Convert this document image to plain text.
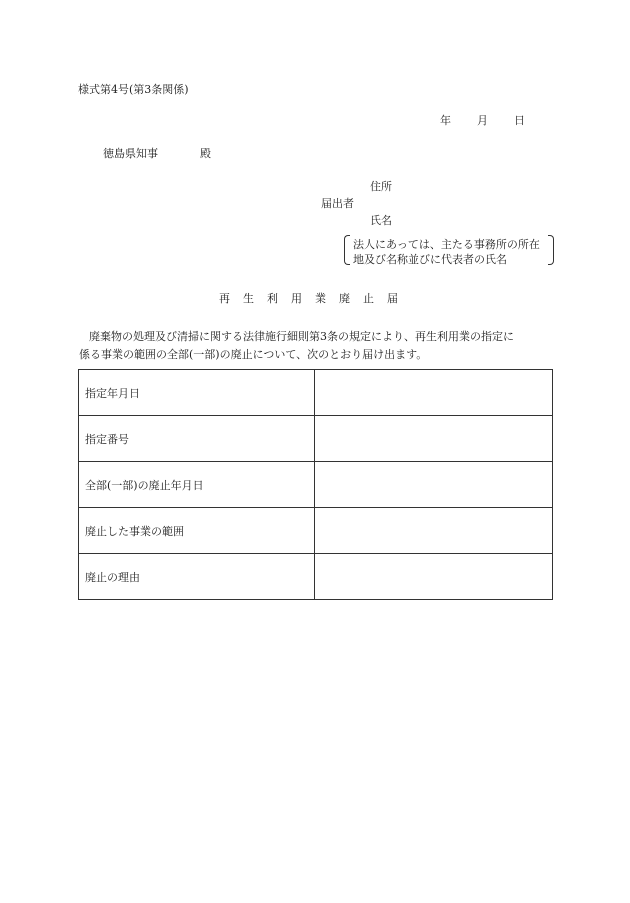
様式第4号(第3条関係)
年 月 日
徳島県知事	殿
住所
届出者
氏名
法人にあっては、主たる事務所の所在
地及び名称並びに代表者の氏名
再生利用業廃止届
廃棄物の処理及び清掃に関する法律施行細則第3条の規定により、再生利用業の指定に
係る事業の範囲の全部(一部)の廃止について、次のとおり届け出ます。
指定年月日	
指定番号	
全部(一部)の廃止年月日	
廃止した事業の範囲	
廃止の理由	
